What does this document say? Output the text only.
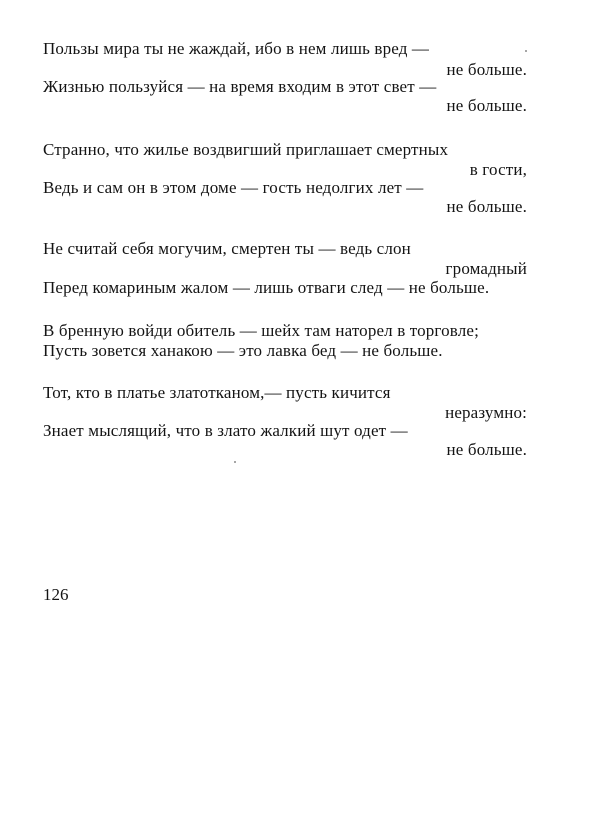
Пользы мира ты не жаждай, ибо в нем лишь вред —
не больше.
Жизнью пользуйся — на время входим в этот свет —
не больше.
Странно, что жилье воздвигший приглашает смертных
в гости,
Ведь и сам он в этом доме — гость недолгих лет —
не больше.
Не считай себя могучим, смертен ты — ведь слон
громадный
Перед комариным жалом — лишь отваги след — не больше.
В бренную войди обитель — шейх там наторел в торговле;
Пусть зовется ханакою — это лавка бед — не больше.
Тот, кто в платье златотканом,— пусть кичится
неразумно:
Знает мыслящий, что в злато жалкий шут одет —
не больше.
126
